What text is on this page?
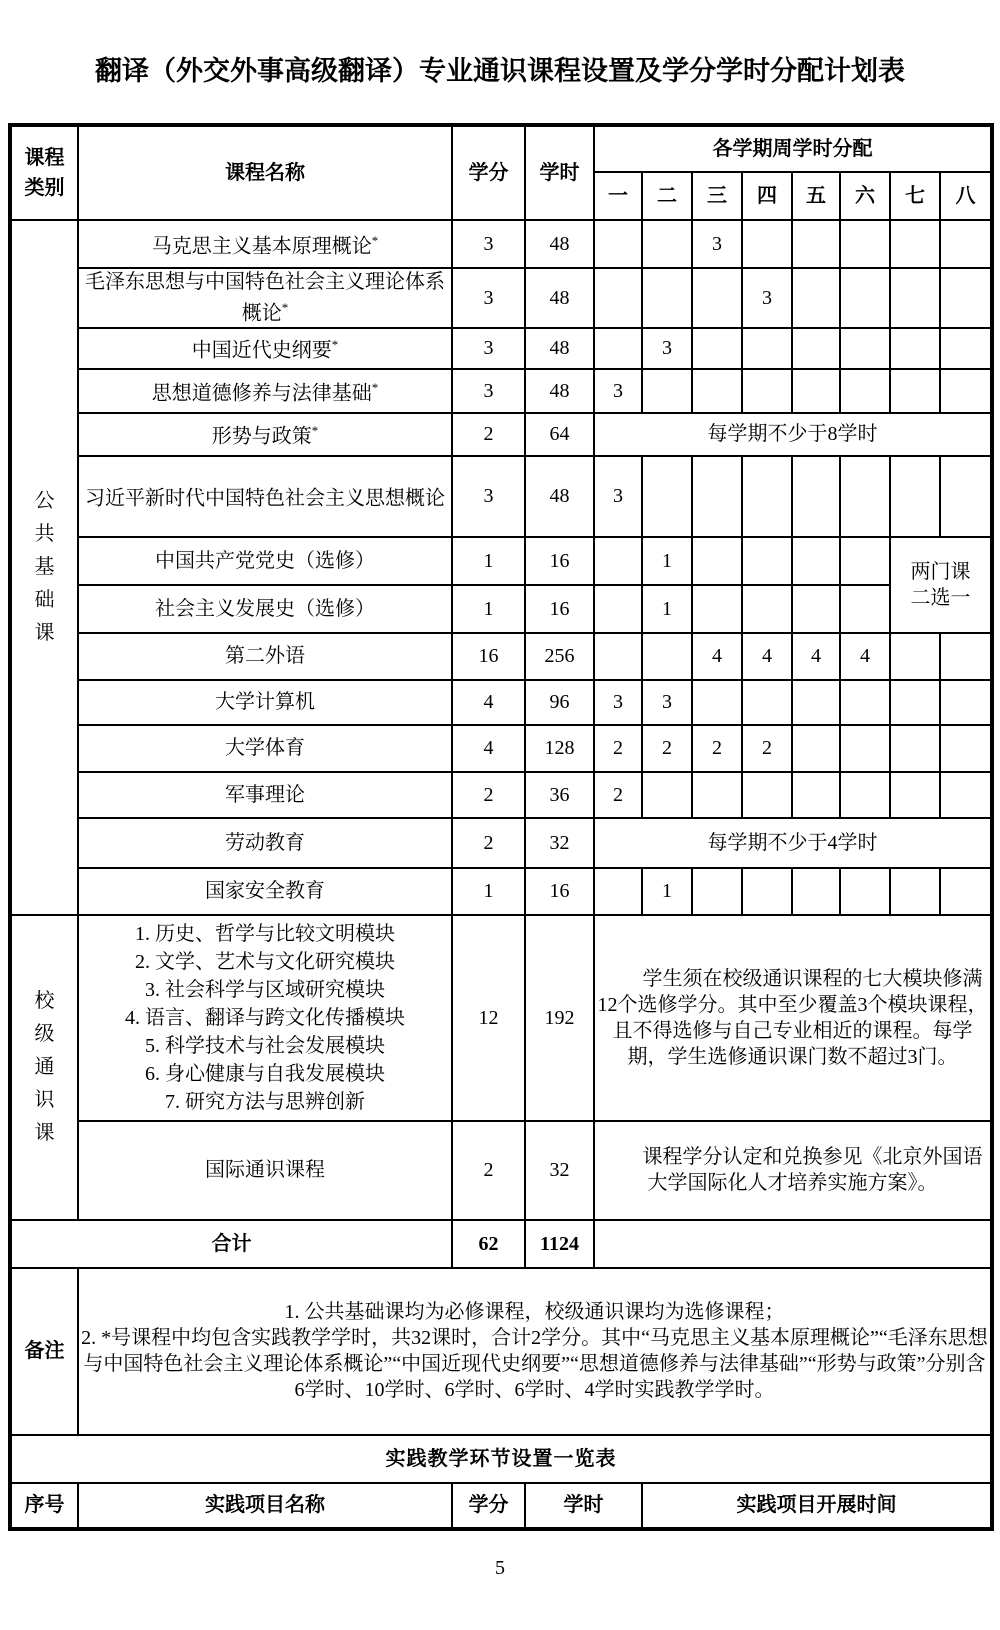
翻译（外交外事高级翻译）专业通识课程设置及学分学时分配计划表
课程类别	课程名称	学分	学时	各学期周学时分配							
				一	二	三	四	五	六	七	八
公共基础课	马克思主义基本原理概论*	3	48			3					
	毛泽东思想与中国特色社会主义理论体系概论*	3	48				3				
	中国近代史纲要*	3	48		3						
	思想道德修养与法律基础*	3	48	3							
	形势与政策*	2	64	每学期不少于8学时							
	习近平新时代中国特色社会主义思想概论	3	48	3							
	中国共产党党史（选修）	1	16		1					两门课
二选一	

	社会主义发展史（选修）	1	16		1						
	第二外语	16	256			4	4	4	4		
	大学计算机	4	96	3	3						
	大学体育	4	128	2	2	2	2				
	军事理论	2	36	2							
	劳动教育	2	32	每学期不少于4学时							
	国家安全教育	1	16		1						
校级通识课	
1. 历史、哲学与比较文明模块
2. 文学、艺术与文化研究模块
3. 社会科学与区域研究模块
4. 语言、翻译与跨文化传播模块
5. 科学技术与社会发展模块
6. 身心健康与自我发展模块
7. 研究方法与思辨创新
	12	192	学生须在校级通识课程的七大模块修满12个选修学分。其中至少覆盖3个模块课程，且不得选修与自己专业相近的课程。每学期，学生选修通识课门数不超过3门。
	国际通识课程	2	32	课程学分认定和兑换参见《北京外国语大学国际化人才培养实施方案》。							
合计		62	1124								
备注	1. 公共基础课均为必修课程，校级通识课均为选修课程；
2. *号课程中均包含实践教学学时，共32课时，合计2学分。其中“马克思主义基本原理概论”“毛泽东思想与中国特色社会主义理论体系概论”“中国近现代史纲要”“思想道德修养与法律基础”“形势与政策”分别含6学时、10学时、6学时、6学时、4学时实践教学学时。										

实践教学环节设置一览表											
序号	实践项目名称	学分	学时		实践项目开展时间						
5
